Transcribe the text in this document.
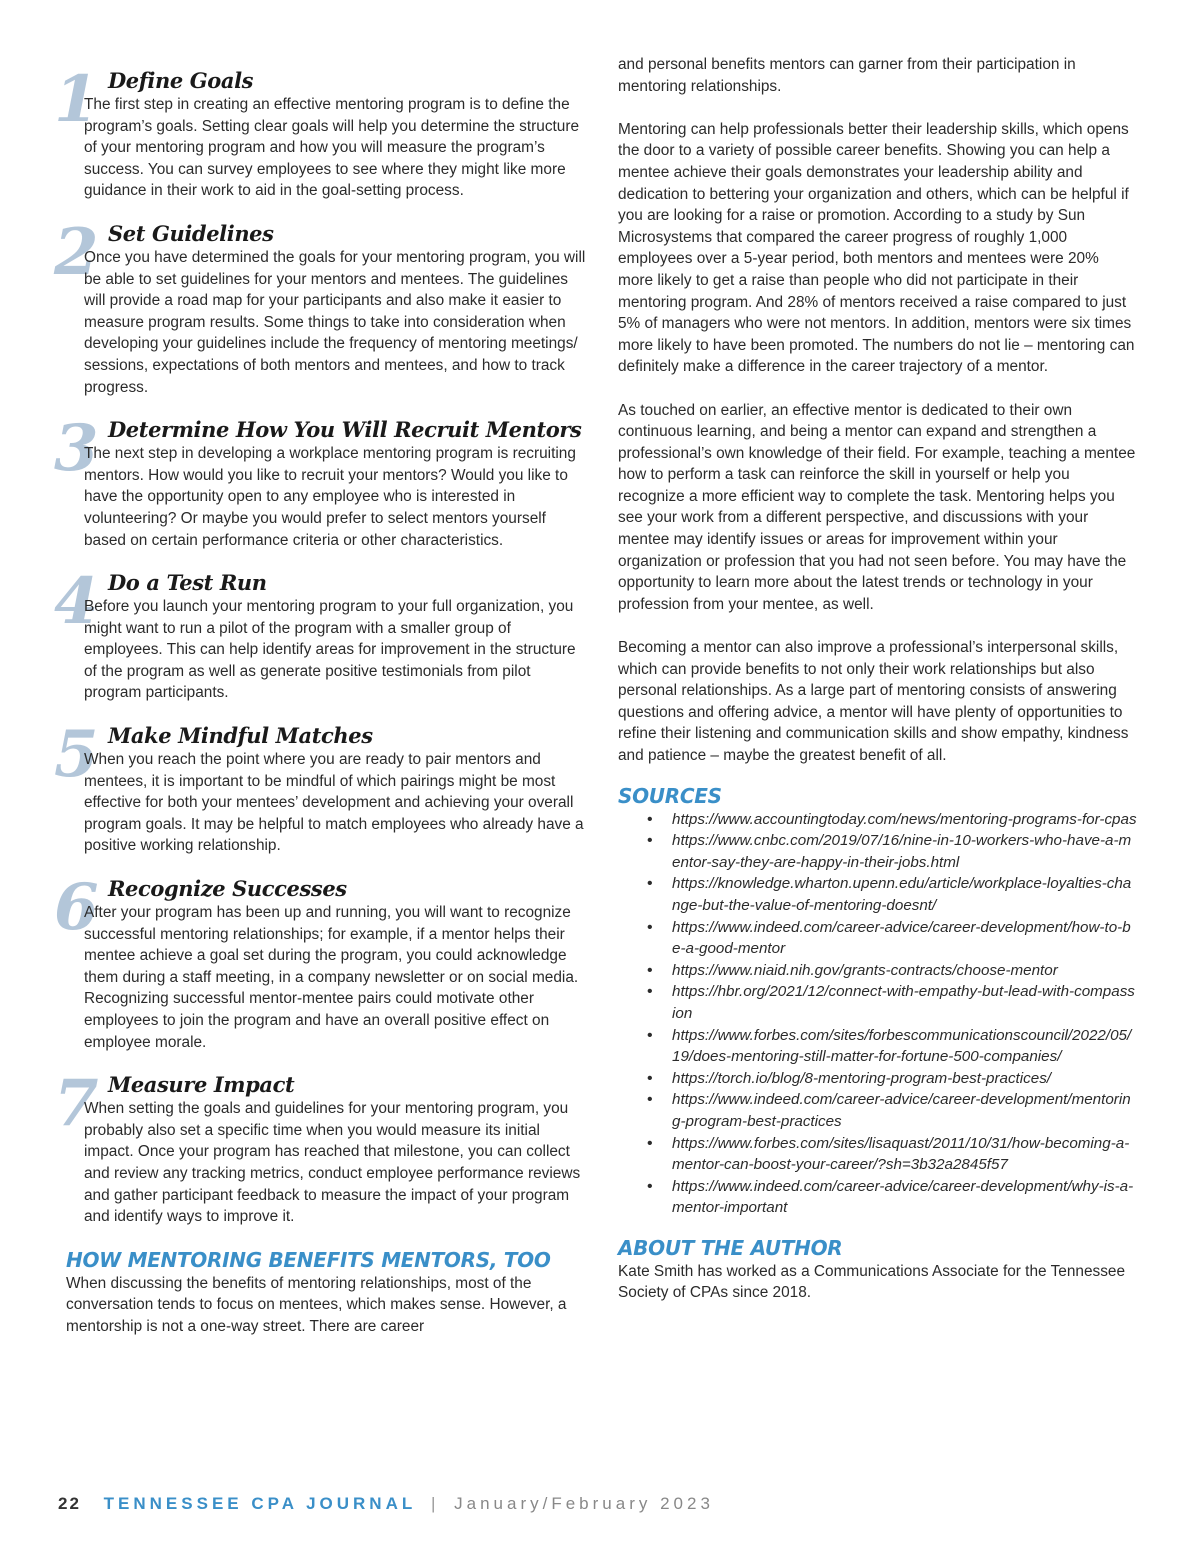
1 Define Goals

The first step in creating an effective mentoring program is to define the program’s goals. Setting clear goals will help you determine the structure of your mentoring program and how you will measure the program’s success. You can survey employees to see where they might like more guidance in their work to aid in the goal-setting process.

2 Set Guidelines

Once you have determined the goals for your mentoring program, you will be able to set guidelines for your mentors and mentees. The guidelines will provide a road map for your participants and also make it easier to measure program results. Some things to take into consideration when developing your guidelines include the frequency of mentoring meetings/ sessions, expectations of both mentors and mentees, and how to track progress.

3 Determine How You Will Recruit Mentors

The next step in developing a workplace mentoring program is recruiting mentors. How would you like to recruit your mentors? Would you like to have the opportunity open to any employee who is interested in volunteering? Or maybe you would prefer to select mentors yourself based on certain performance criteria or other characteristics.

4 Do a Test Run

Before you launch your mentoring program to your full organization, you might want to run a pilot of the program with a smaller group of employees. This can help identify areas for improvement in the structure of the program as well as generate positive testimonials from pilot program participants.

5 Make Mindful Matches

When you reach the point where you are ready to pair mentors and mentees, it is important to be mindful of which pairings might be most effective for both your mentees’ development and achieving your overall program goals. It may be helpful to match employees who already have a positive working relationship.

6 Recognize Successes

After your program has been up and running, you will want to recognize successful mentoring relationships; for example, if a mentor helps their mentee achieve a goal set during the program, you could acknowledge them during a staff meeting, in a company newsletter or on social media. Recognizing successful mentor-mentee pairs could motivate other employees to join the program and have an overall positive effect on employee morale.

7 Measure Impact

When setting the goals and guidelines for your mentoring program, you probably also set a specific time when you would measure its initial impact. Once your program has reached that milestone, you can collect and review any tracking metrics, conduct employee performance reviews and gather participant feedback to measure the impact of your program and identify ways to improve it.

HOW MENTORING BENEFITS MENTORS, TOO

When discussing the benefits of mentoring relationships, most of the conversation tends to focus on mentees, which makes sense. However, a mentorship is not a one-way street. There are career

and personal benefits mentors can garner from their participation in mentoring relationships.

Mentoring can help professionals better their leadership skills, which opens the door to a variety of possible career benefits. Showing you can help a mentee achieve their goals demonstrates your leadership ability and dedication to bettering your organization and others, which can be helpful if you are looking for a raise or promotion. According to a study by Sun Microsystems that compared the career progress of roughly 1,000 employees over a 5-year period, both mentors and mentees were 20% more likely to get a raise than people who did not participate in their mentoring program. And 28% of mentors received a raise compared to just 5% of managers who were not mentors. In addition, mentors were six times more likely to have been promoted. The numbers do not lie – mentoring can definitely make a difference in the career trajectory of a mentor.

As touched on earlier, an effective mentor is dedicated to their own continuous learning, and being a mentor can expand and strengthen a professional’s own knowledge of their field. For example, teaching a mentee how to perform a task can reinforce the skill in yourself or help you recognize a more efficient way to complete the task. Mentoring helps you see your work from a different perspective, and discussions with your mentee may identify issues or areas for improvement within your organization or profession that you had not seen before. You may have the opportunity to learn more about the latest trends or technology in your profession from your mentee, as well.

Becoming a mentor can also improve a professional’s interpersonal skills, which can provide benefits to not only their work relationships but also personal relationships. As a large part of mentoring consists of answering questions and offering advice, a mentor will have plenty of opportunities to refine their listening and communication skills and show empathy, kindness and patience – maybe the greatest benefit of all.

SOURCES
• https://www.accountingtoday.com/news/mentoring-programs-for-cpas
• https://www.cnbc.com/2019/07/16/nine-in-10-workers-who-have-a-mentor-say-they-are-happy-in-their-jobs.html
• https://knowledge.wharton.upenn.edu/article/workplace-loyalties-change-but-the-value-of-mentoring-doesnt/
• https://www.indeed.com/career-advice/career-development/how-to-be-a-good-mentor
• https://www.niaid.nih.gov/grants-contracts/choose-mentor
• https://hbr.org/2021/12/connect-with-empathy-but-lead-with-compassion
• https://www.forbes.com/sites/forbescommunicationscouncil/2022/05/19/does-mentoring-still-matter-for-fortune-500-companies/
• https://torch.io/blog/8-mentoring-program-best-practices/
• https://www.indeed.com/career-advice/career-development/mentoring-program-best-practices
• https://www.forbes.com/sites/lisaquast/2011/10/31/how-becoming-a-mentor-can-boost-your-career/?sh=3b32a2845f57
• https://www.indeed.com/career-advice/career-development/why-is-a-mentor-important
ABOUT THE AUTHOR

Kate Smith has worked as a Communications Associate for the Tennessee Society of CPAs since 2018.

22 TENNESSEE CPA JOURNAL | January/February 2023
